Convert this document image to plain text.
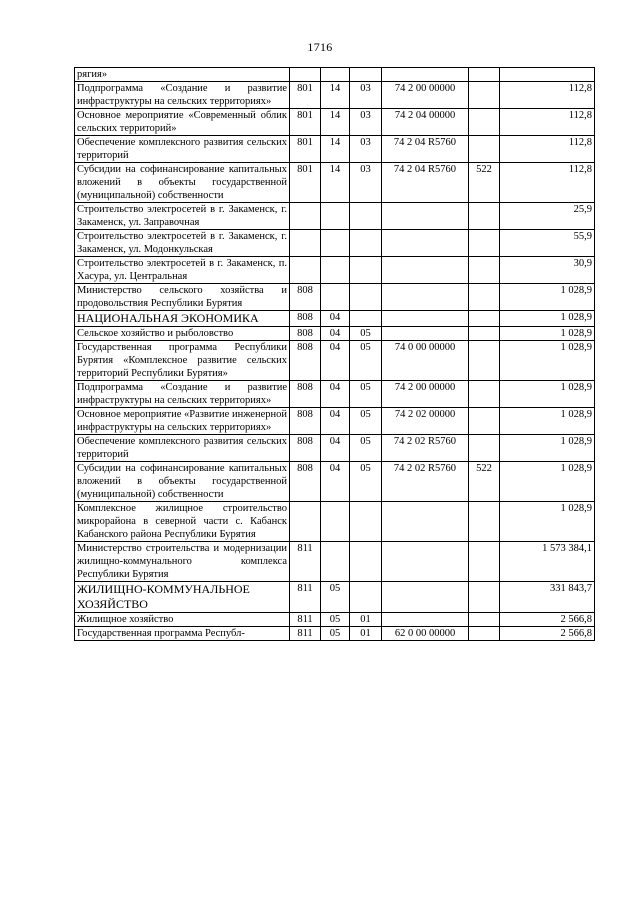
1716
рягия»						
Подпрограмма «Создание и развитие инфраструктуры на сельских территориях»	801	14	03	74 2 00 00000		112,8
Основное мероприятие «Современный облик сельских территорий»	801	14	03	74 2 04 00000		112,8
Обеспечение комплексного развития сельских территорий	801	14	03	74 2 04 R5760		112,8
Субсидии на софинансирование капитальных вложений в объекты государственной (муниципальной) собственности	801	14	03	74 2 04 R5760	522	112,8
Строительство электросетей в г. Закаменск, г. Закаменск, ул. Заправочная						25,9
Строительство электросетей в г. Закаменск, г. Закаменск, ул. Модонкульская						55,9
Строительство электросетей в г. Закаменск, п. Хасура, ул. Центральная						30,9
Министерство сельского хозяйства и продовольствия Республики Бурятия	808					1 028,9
НАЦИОНАЛЬНАЯ ЭКОНОМИКА	808	04				1 028,9
Сельское хозяйство и рыболовство	808	04	05			1 028,9
Государственная программа Республики Бурятия «Комплексное развитие сельских территорий Республики Бурятия»	808	04	05	74 0 00 00000		1 028,9
Подпрограмма «Создание и развитие инфраструктуры на сельских территориях»	808	04	05	74 2 00 00000		1 028,9
Основное мероприятие «Развитие инженерной инфраструктуры на сельских территориях»	808	04	05	74 2 02 00000		1 028,9
Обеспечение комплексного развития сельских территорий	808	04	05	74 2 02 R5760		1 028,9
Субсидии на софинансирование капитальных вложений в объекты государственной (муниципальной) собственности	808	04	05	74 2 02 R5760	522	1 028,9
Комплексное жилищное строительство микрорайона в северной части с. Кабанск Кабанского района Республики Бурятия						1 028,9
Министерство строительства и модернизации жилищно-коммунального комплекса Республики Бурятия	811					1 573 384,1
ЖИЛИЩНО-КОММУНАЛЬНОЕ ХОЗЯЙСТВО	811	05				331 843,7
Жилищное хозяйство	811	05	01			2 566,8
Государственная программа Республ-	811	05	01	62 0 00 00000		2 566,8
